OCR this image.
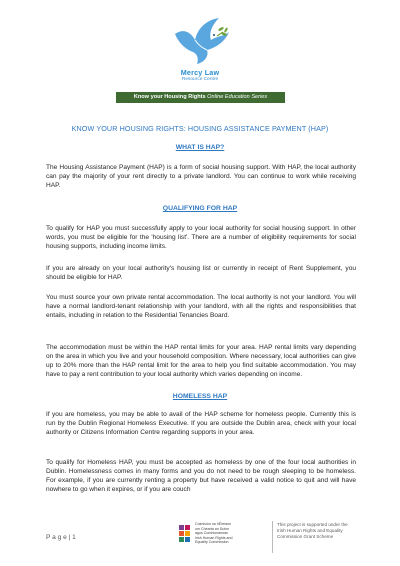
Mercy Law
Resource Centre
Know your Housing Rights Online Education Series
KNOW YOUR HOUSING RIGHTS: HOUSING ASSISTANCE PAYMENT (HAP)
WHAT IS HAP?

The Housing Assistance Payment (HAP) is a form of social housing support. With HAP, the local authority can pay the majority of your rent directly to a private landlord. You can continue to work while receiving HAP.

QUALIFYING FOR HAP

To qualify for HAP you must successfully apply to your local authority for social housing support. In other words, you must be eligible for the 'housing list'. There are a number of eligibility requirements for social housing supports, including income limits.

If you are already on your local authority's housing list or currently in receipt of Rent Supplement, you should be eligible for HAP.

You must source your own private rental accommodation. The local authority is not your landlord. You will have a normal landlord-tenant relationship with your landlord, with all the rights and responsibilities that entails, including in relation to the Residential Tenancies Board.

The accommodation must be within the HAP rental limits for your area. HAP rental limits vary depending on the area in which you live and your household composition. Where necessary, local authorities can give up to 20% more than the HAP rental limit for the area to help you find suitable accommodation. You may have to pay a rent contribution to your local authority which varies depending on income.

HOMELESS HAP

If you are homeless, you may be able to avail of the HAP scheme for homeless people. Currently this is run by the Dublin Regional Homeless Executive. If you are outside the Dublin area, check with your local authority or Citizens Information Centre regarding supports in your area.

To qualify for Homeless HAP, you must be accepted as homeless by one of the four local authorities in Dublin. Homelessness comes in many forms and you do not need to be rough sleeping to be homeless. For example, if you are currently renting a property but have received a valid notice to quit and will have nowhere to go when it expires, or if you are couch

P a g e | 1
Coimisiún na hÉireann
um Chearta an Duine
agus Comhionannas
Irish Human Rights and
Equality Commission
This project is supported under the Irish Human Rights and Equality Commission Grant Scheme
